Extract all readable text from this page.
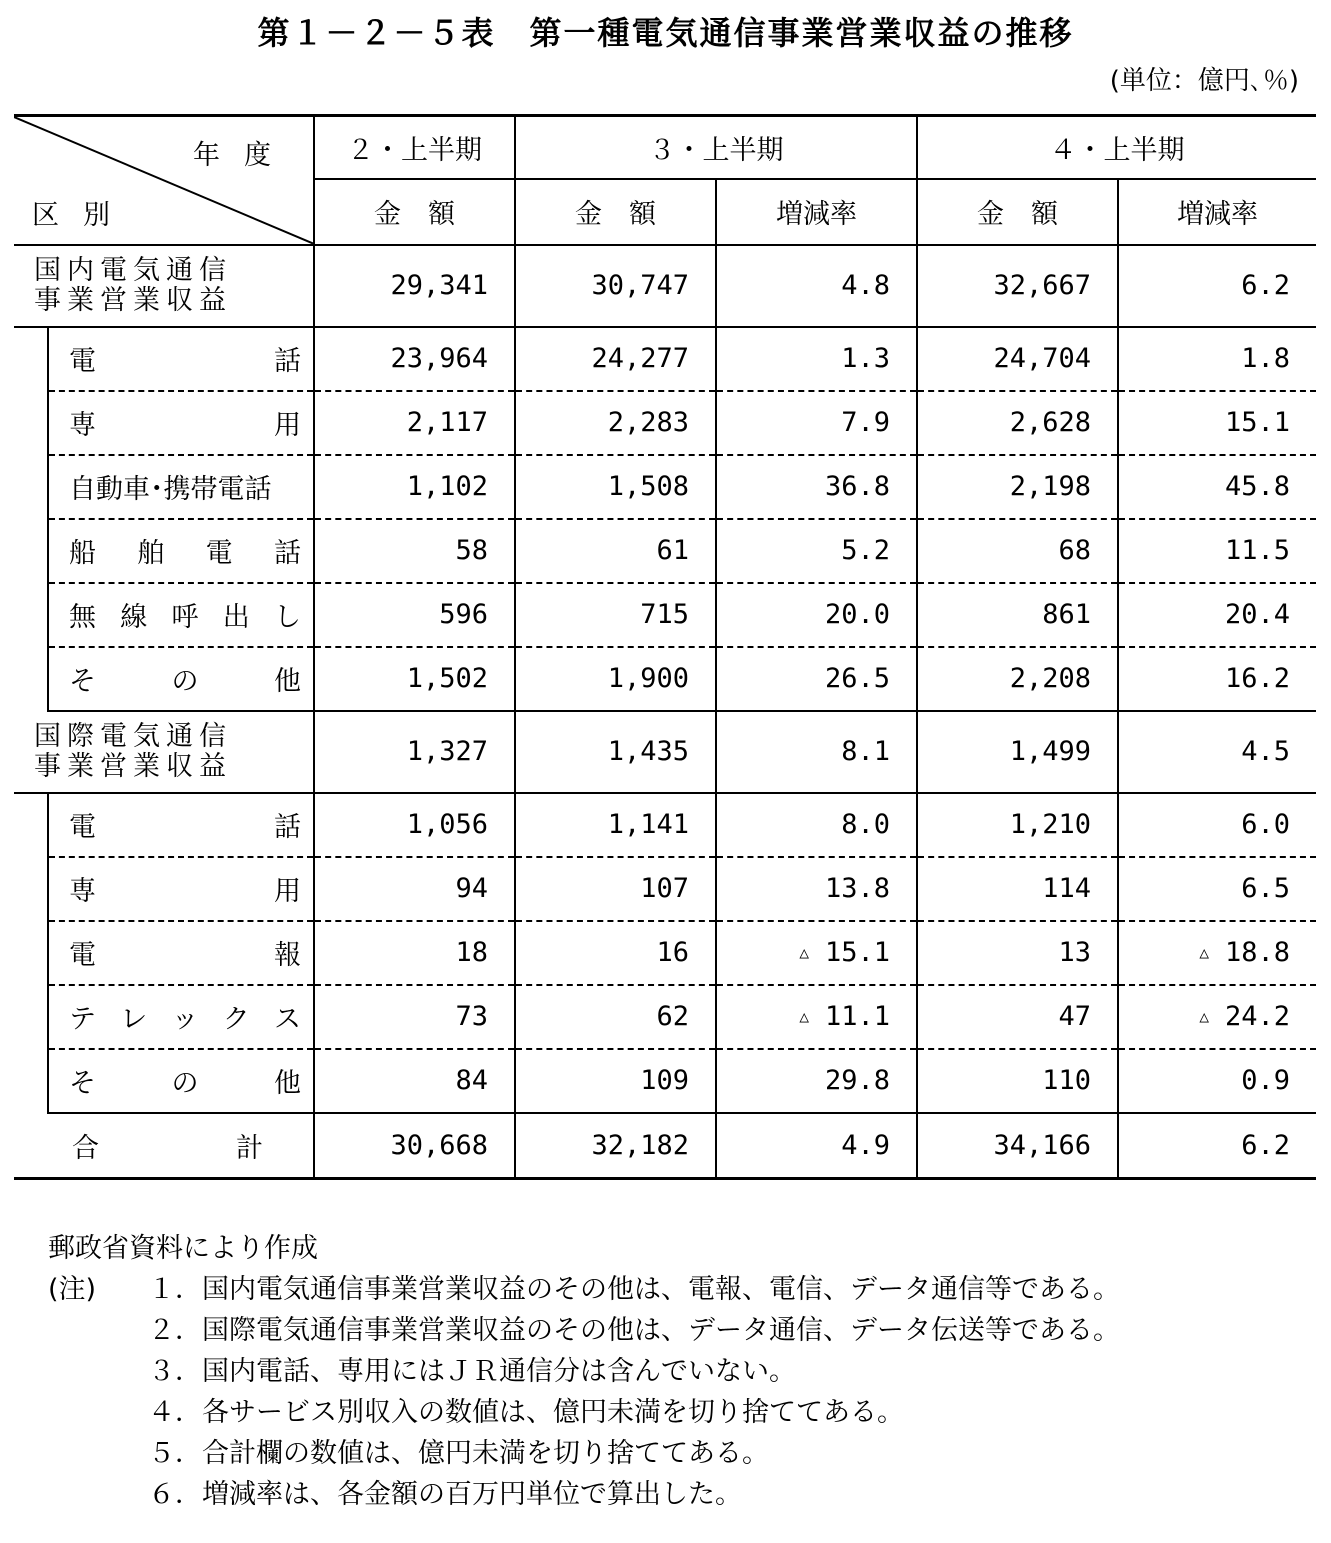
第１－２－５表　第一種電気通信事業営業収益の推移
(単位：億円､％)
年度
区別		２・上半期	３・上半期		４・上半期	
		金　額	金　額	増減率	金　額	増減率

国内電気通信
事業営業収益		29,341	30,747	4.8	32,667	6.2

	電 話	23,964	24,277	1.3	24,704	1.8

	専 用	2,117	2,283	7.9	2,628	15.1

	自動車･携帯電話	1,102	1,508	36.8	2,198	45.8

	船 舶 電 話	58	61	5.2	68	11.5

	無 線 呼 出 し	596	715	20.0	861	20.4

	そ の 他	1,502	1,900	26.5	2,208	16.2

国際電気通信
事業営業収益		1,327	1,435	8.1	1,499	4.5

	電 話	1,056	1,141	8.0	1,210	6.0

	専 用	94	107	13.8	114	6.5

	電 報	18	16	△ 15.1	13	△ 18.8

	テ レ ッ ク ス	73	62	△ 11.1	47	△ 24.2

	そ の 他	84	109	29.8	110	0.9

合 計		30,668	32,182	4.9	34,166	6.2
郵政省資料により作成
(注)	１．国内電気通信事業営業収益のその他は、電報、電信、データ通信等である。
２．国際電気通信事業営業収益のその他は、データ通信、データ伝送等である。
３．国内電話、専用にはＪＲ通信分は含んでいない。
４．各サービス別収入の数値は、億円未満を切り捨ててある。
５．合計欄の数値は、億円未満を切り捨ててある。
６．増減率は、各金額の百万円単位で算出した。
